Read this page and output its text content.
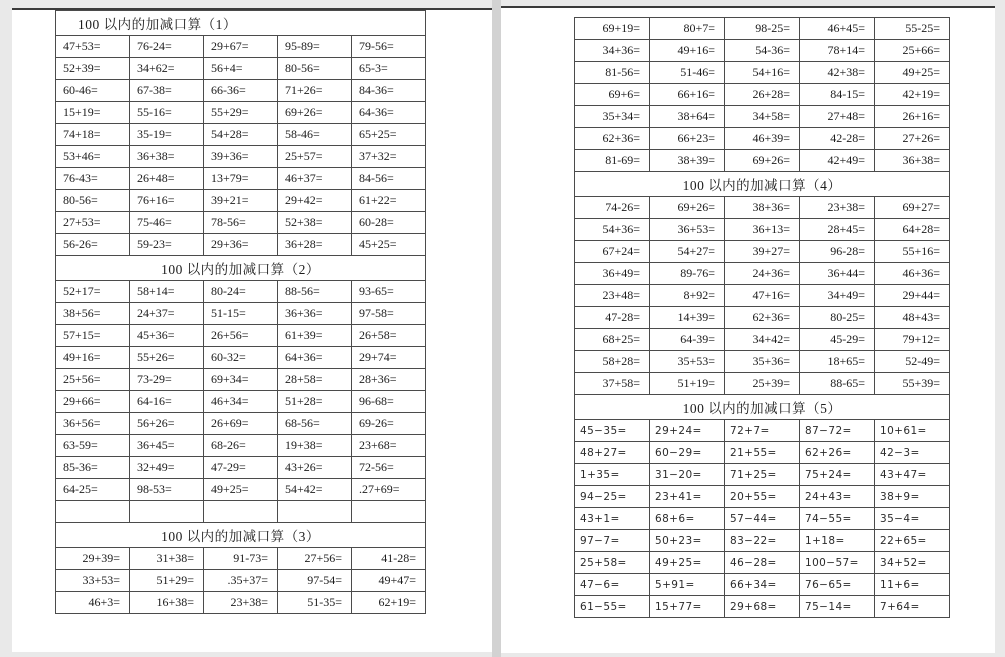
100 以内的加减口算（1）				
47+53=	76-24=	29+67=	95-89=	79-56=
52+39=	34+62=	56+4=	80-56=	65-3=
60-46=	67-38=	66-36=	71+26=	84-36=
15+19=	55-16=	55+29=	69+26=	64-36=
74+18=	35-19=	54+28=	58-46=	65+25=
53+46=	36+38=	39+36=	25+57=	37+32=
76-43=	26+48=	13+79=	46+37=	84-56=
80-56=	76+16=	39+21=	29+42=	61+22=
27+53=	75-46=	78-56=	52+38=	60-28=
56-26=	59-23=	29+36=	36+28=	45+25=
100 以内的加减口算（2）				
52+17=	58+14=	80-24=	88-56=	93-65=
38+56=	24+37=	51-15=	36+36=	97-58=
57+15=	45+36=	26+56=	61+39=	26+58=
49+16=	55+26=	60-32=	64+36=	29+74=
25+56=	73-29=	69+34=	28+58=	28+36=
29+66=	64-16=	46+34=	51+28=	96-68=
36+56=	56+26=	26+69=	68-56=	69-26=
63-59=	36+45=	68-26=	19+38=	23+68=
85-36=	32+49=	47-29=	43+26=	72-56=
64-25=	98-53=	49+25=	54+42=	.27+69=

100 以内的加减口算（3）				
29+39=	31+38=	91-73=	27+56=	41-28=
33+53=	51+29=	.35+37=	97-54=	49+47=
46+3=	16+38=	23+38=	51-35=	62+19=
69+19=	80+7=	98-25=	46+45=	55-25=
34+36=	49+16=	54-36=	78+14=	25+66=
81-56=	51-46=	54+16=	42+38=	49+25=
69+6=	66+16=	26+28=	84-15=	42+19=
35+34=	38+64=	34+58=	27+48=	26+16=
62+36=	66+23=	46+39=	42-28=	27+26=
81-69=	38+39=	69+26=	42+49=	36+38=
100 以内的加减口算（4）				
74-26=	69+26=	38+36=	23+38=	69+27=
54+36=	36+53=	36+13=	28+45=	64+28=
67+24=	54+27=	39+27=	96-28=	55+16=
36+49=	89-76=	24+36=	36+44=	46+36=
23+48=	8+92=	47+16=	34+49=	29+44=
47-28=	14+39=	62+36=	80-25=	48+43=
68+25=	64-39=	34+42=	45-29=	79+12=
58+28=	35+53=	35+36=	18+65=	52-49=
37+58=	51+19=	25+39=	88-65=	55+39=
100 以内的加减口算（5）				
45−35=	29+24=	72+7=	87−72=	10+61=
48+27=	60−29=	21+55=	62+26=	42−3=
1+35=	31−20=	71+25=	75+24=	43+47=
94−25=	23+41=	20+55=	24+43=	38+9=
43+1=	68+6=	57−44=	74−55=	35−4=
97−7=	50+23=	83−22=	1+18=	22+65=
25+58=	49+25=	46−28=	100−57=	34+52=
47−6=	5+91=	66+34=	76−65=	11+6=
61−55=	15+77=	29+68=	75−14=	7+64=
